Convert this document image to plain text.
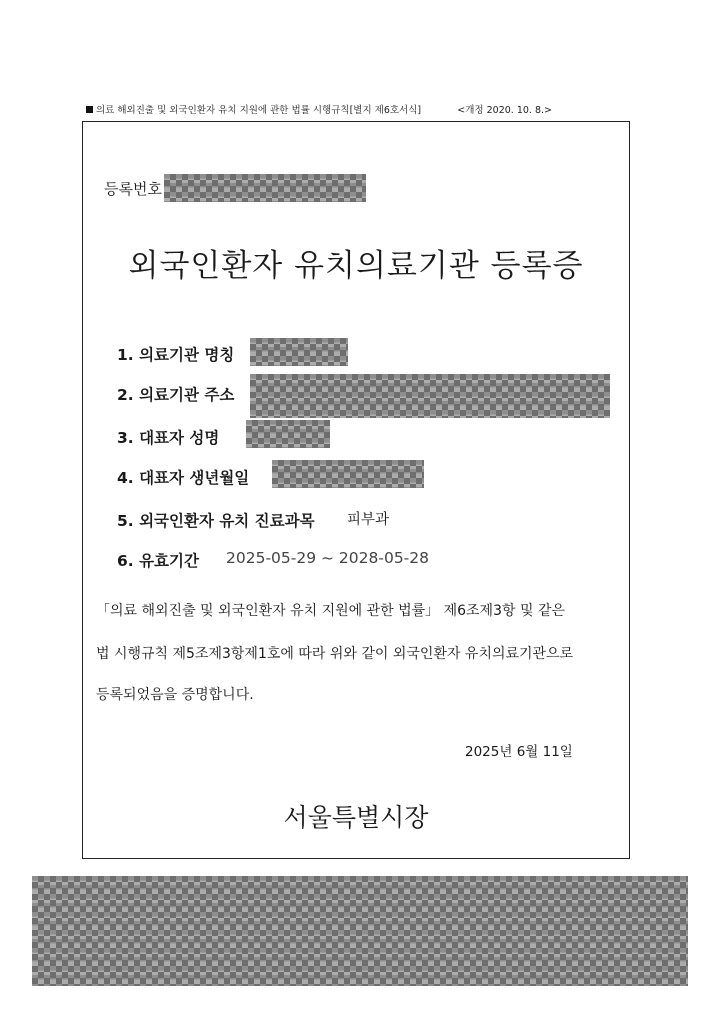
의료 해외진출 및 외국인환자 유치 지원에 관한 법률 시행규칙[별지 제6호서식]	<개정 2020. 10. 8.>
등록번호
외국인환자 유치의료기관 등록증
1. 의료기관 명칭
2. 의료기관 주소
3. 대표자 성명
4. 대표자 생년월일
5. 외국인환자 유치 진료과목 피부과
6. 유효기간 2025-05-29 ~ 2028-05-28
「의료 해외진출 및 외국인환자 유치 지원에 관한 법률」 제6조제3항 및 같은
법 시행규칙 제5조제3항제1호에 따라 위와 같이 외국인환자 유치의료기관으로
등록되었음을 증명합니다.
2025년 6월 11일
서울특별시장
